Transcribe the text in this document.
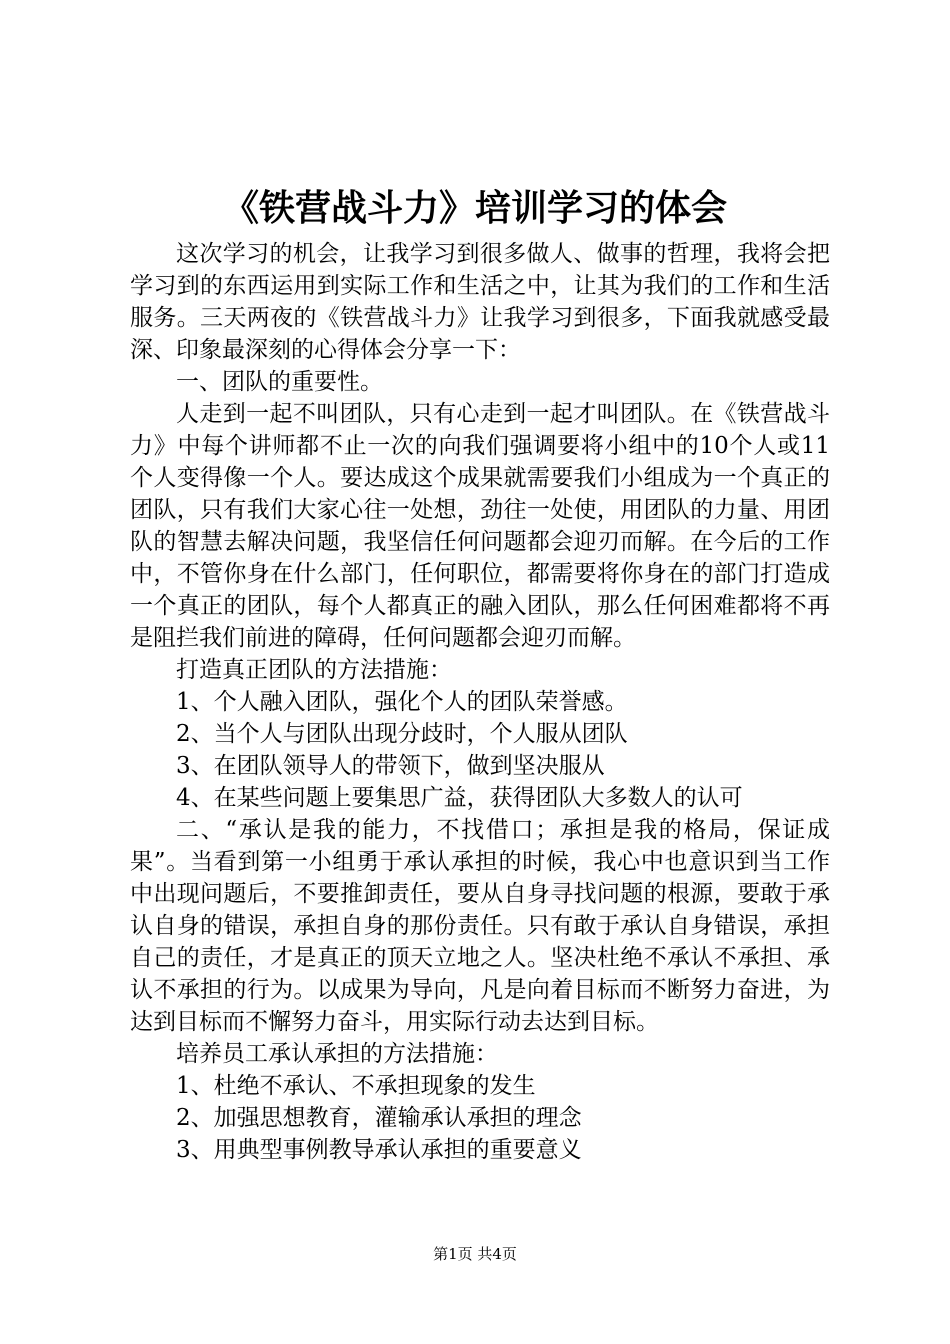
《铁营战斗力》培训学习的体会

这次学习的机会，让我学习到很多做人、做事的哲理，我将会把学习到的东西运用到实际工作和生活之中，让其为我们的工作和生活服务。三天两夜的《铁营战斗力》让我学习到很多，下面我就感受最深、印象最深刻的心得体会分享一下：

一、团队的重要性。

人走到一起不叫团队，只有心走到一起才叫团队。在《铁营战斗力》中每个讲师都不止一次的向我们强调要将小组中的10个人或11个人变得像一个人。要达成这个成果就需要我们小组成为一个真正的团队，只有我们大家心往一处想，劲往一处使，用团队的力量、用团队的智慧去解决问题，我坚信任何问题都会迎刃而解。在今后的工作中，不管你身在什么部门，任何职位，都需要将你身在的部门打造成一个真正的团队，每个人都真正的融入团队，那么任何困难都将不再是阻拦我们前进的障碍，任何问题都会迎刃而解。

打造真正团队的方法措施：

1、个人融入团队，强化个人的团队荣誉感。

2、当个人与团队出现分歧时，个人服从团队

3、在团队领导人的带领下，做到坚决服从

4、在某些问题上要集思广益，获得团队大多数人的认可

二、“承认是我的能力，不找借口；承担是我的格局，保证成果”。当看到第一小组勇于承认承担的时候，我心中也意识到当工作中出现问题后，不要推卸责任，要从自身寻找问题的根源，要敢于承认自身的错误，承担自身的那份责任。只有敢于承认自身错误，承担自己的责任，才是真正的顶天立地之人。坚决杜绝不承认不承担、承认不承担的行为。以成果为导向，凡是向着目标而不断努力奋进，为达到目标而不懈努力奋斗，用实际行动去达到目标。

培养员工承认承担的方法措施：

1、杜绝不承认、不承担现象的发生

2、加强思想教育，灌输承认承担的理念

3、用典型事例教导承认承担的重要意义

第1页 共4页
